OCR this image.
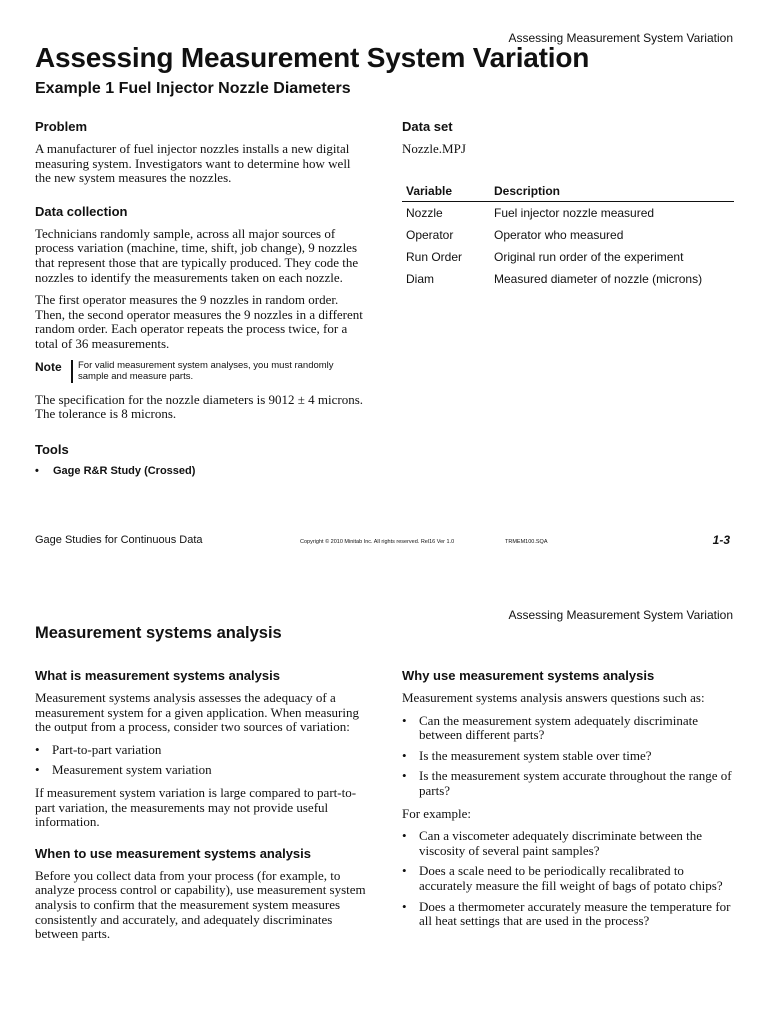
Assessing Measurement System Variation
Assessing Measurement System Variation
Example 1 Fuel Injector Nozzle Diameters
Problem

A manufacturer of fuel injector nozzles installs a new digital measuring system. Investigators want to determine how well the new system measures the nozzles.

Data collection

Technicians randomly sample, across all major sources of process variation (machine, time, shift, job change), 9 nozzles that represent those that are typically produced. They code the nozzles to identify the measurements taken on each nozzle.

The first operator measures the 9 nozzles in random order. Then, the second operator measures the 9 nozzles in a different random order. Each operator repeats the process twice, for a total of 36 measurements.

Note	For valid measurement system analyses, you must randomly sample and measure parts.

The specification for the nozzle diameters is 9012 ± 4 microns. The tolerance is 8 microns.

Tools
•	Gage R&R Study (Crossed)
Data set

Nozzle.MPJ

Variable	Description
Nozzle	Fuel injector nozzle measured
Operator	Operator who measured
Run Order	Original run order of the experiment
Diam	Measured diameter of nozzle (microns)
Gage Studies for Continuous Data	Copyright © 2010 Minitab Inc. All rights reserved. Rel16 Ver 1.0	TRMEM100.SQA	1-3
Assessing Measurement System Variation
Measurement systems analysis
What is measurement systems analysis

Measurement systems analysis assesses the adequacy of a measurement system for a given application. When measuring the output from a process, consider two sources of variation:

• Part-to-part variation
• Measurement system variation

If measurement system variation is large compared to part-to-part variation, the measurements may not provide useful information.

When to use measurement systems analysis

Before you collect data from your process (for example, to analyze process control or capability), use measurement system analysis to confirm that the measurement system measures consistently and accurately, and adequately discriminates between parts.

Why use measurement systems analysis

Measurement systems analysis answers questions such as:

• Can the measurement system adequately discriminate between different parts?
• Is the measurement system stable over time?
• Is the measurement system accurate throughout the range of parts?

For example:

• Can a viscometer adequately discriminate between the viscosity of several paint samples?
• Does a scale need to be periodically recalibrated to accurately measure the fill weight of bags of potato chips?
• Does a thermometer accurately measure the temperature for all heat settings that are used in the process?
